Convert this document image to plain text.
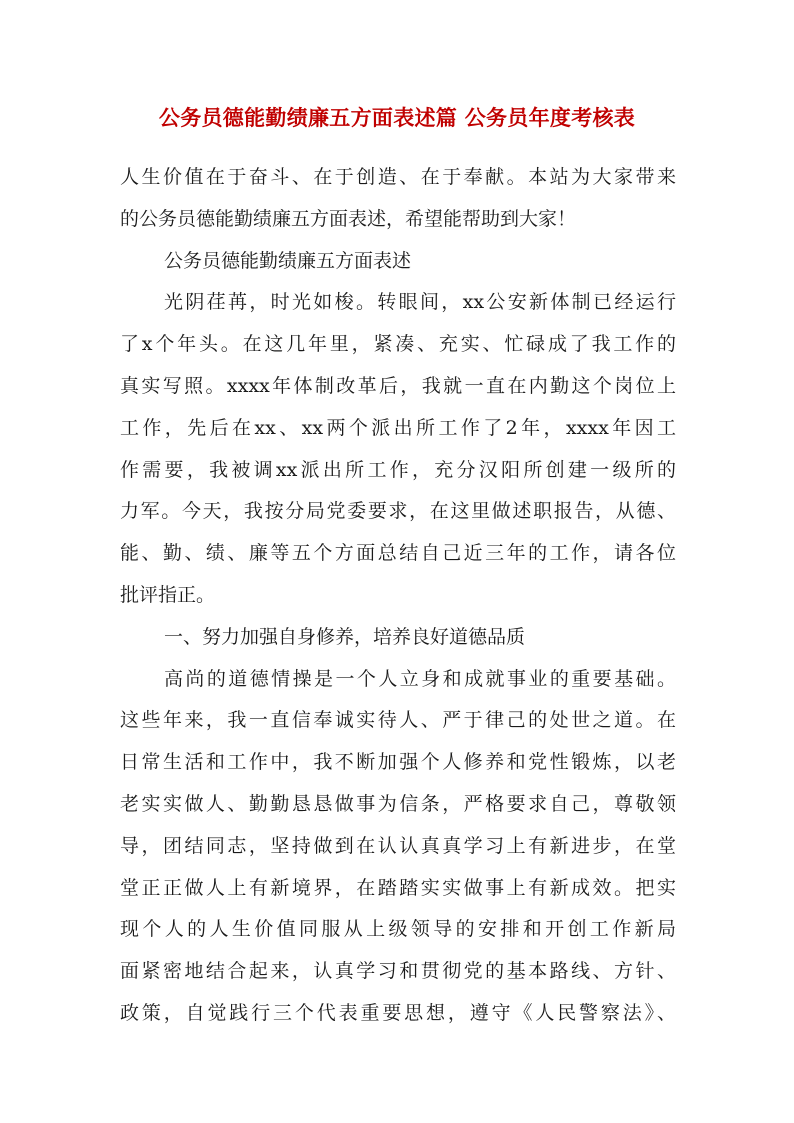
公务员德能勤绩廉五方面表述篇 公务员年度考核表
人生价值在于奋斗、在于创造、在于奉献。本站为大家带来
的公务员德能勤绩廉五方面表述，希望能帮助到大家！
公务员德能勤绩廉五方面表述
光阴荏苒，时光如梭。转眼间，xx公安新体制已经运行
了x个年头。在这几年里，紧凑、充实、忙碌成了我工作的
真实写照。xxxx年体制改革后，我就一直在内勤这个岗位上
工作，先后在xx、xx两个派出所工作了2年，xxxx年因工
作需要，我被调xx派出所工作，充分汉阳所创建一级所的
力军。今天，我按分局党委要求，在这里做述职报告，从德、
能、勤、绩、廉等五个方面总结自己近三年的工作，请各位
批评指正。
一、努力加强自身修养，培养良好道德品质
高尚的道德情操是一个人立身和成就事业的重要基础。
这些年来，我一直信奉诚实待人、严于律己的处世之道。在
日常生活和工作中，我不断加强个人修养和党性锻炼，以老
老实实做人、勤勤恳恳做事为信条，严格要求自己，尊敬领
导，团结同志，坚持做到在认认真真学习上有新进步，在堂
堂正正做人上有新境界，在踏踏实实做事上有新成效。把实
现个人的人生价值同服从上级领导的安排和开创工作新局
面紧密地结合起来，认真学习和贯彻党的基本路线、方针、
政策，自觉践行三个代表重要思想，遵守《人民警察法》、
